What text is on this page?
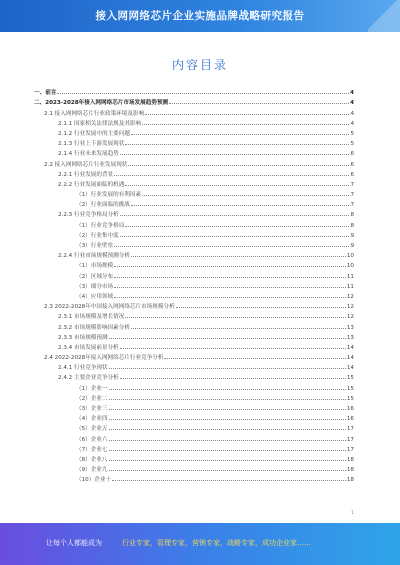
接入网网络芯片企业实施品牌战略研究报告
内容目录
一、前言	4
二、2023-2028年接入网网络芯片市场发展趋势预测	4
2.1 接入网网络芯片行业政策环境及影响	4
2.1.1 国家相关法律法规及其影响	4
2.1.2 行业发展中的主要问题	5
2.1.3 行业上下游发展现状	5
2.1.4 行业未来发展趋势	6
2.2 接入网网络芯片行业发展现状	6
2.2.1 行业发展的背景	6
2.2.2 行业发展面临的机遇	7
（1）行业发展的有利因素	7
（2）行业面临的挑战	7
2.2.3 行业竞争格局分析	8
（1）行业竞争格局	8
（2）行业集中度	9
（3）行业壁垒	9
2.2.4 行业市场规模预测分析	10
（1）市场规模	10
（2）区域分布	11
（3）细分市场	11
（4）应用领域	12
2.3 2022-2028年中国接入网网络芯片市场规模分析	12
2.3.1 市场规模及增长情况	12
2.3.2 市场规模影响因素分析	13
2.3.3 市场规模预测	13
2.3.4 市场发展前景分析	14
2.4 2022-2028年接入网网络芯片行业竞争分析	14
2.4.1 行业竞争现状	14
2.4.2 主要企业竞争分析	15
（1）企业一	15
（2）企业二	15
（3）企业三	16
（4）企业四	16
（5）企业五	17
（6）企业六	17
（7）企业七	17
（8）企业八	18
（9）企业九	18
（10）企业十	18
1
让每个人都能成为	行业专家，管理专家，营销专家，战略专家，成功企业家……
